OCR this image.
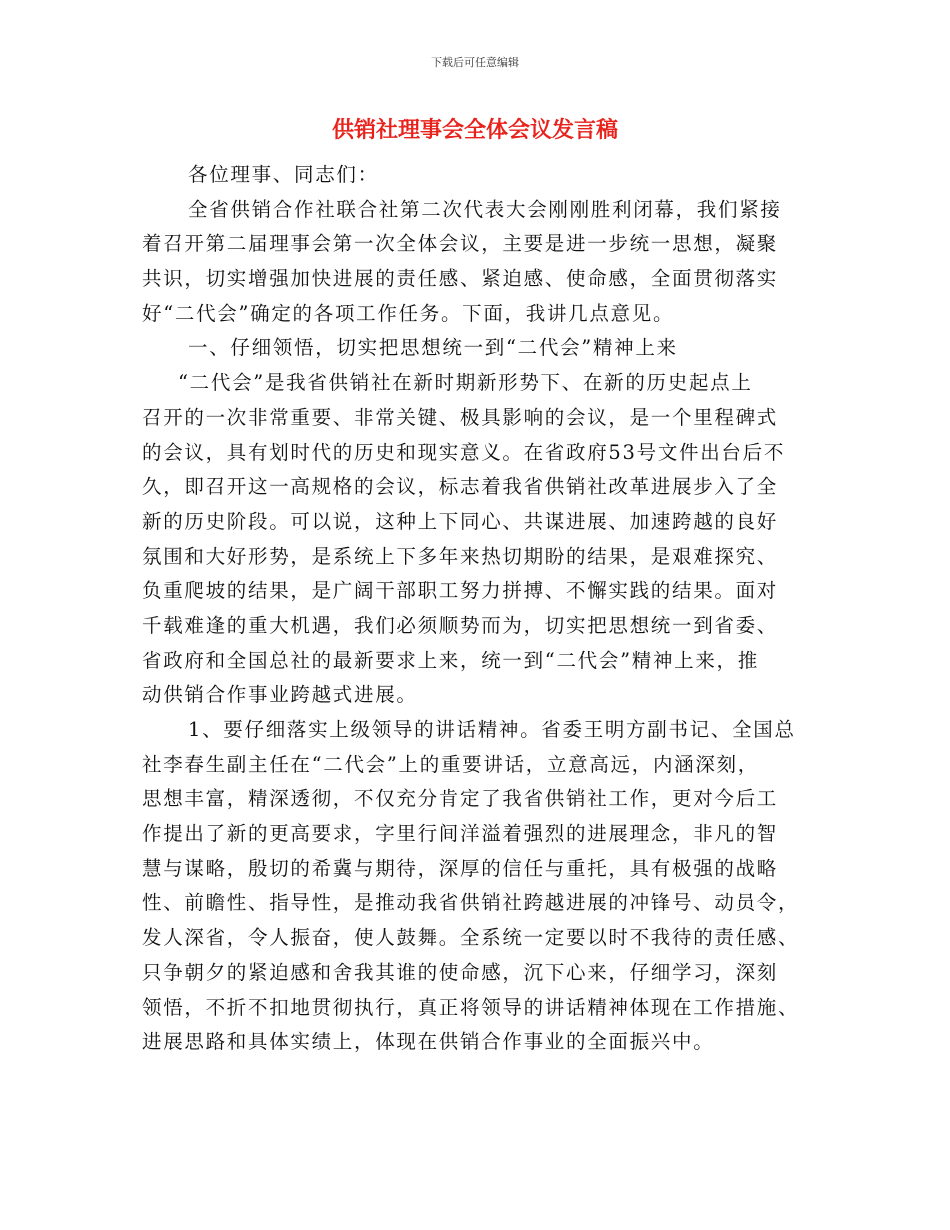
下载后可任意编辑
供销社理事会全体会议发言稿
各位理事、同志们：
全省供销合作社联合社第二次代表大会刚刚胜利闭幕，我们紧接
着召开第二届理事会第一次全体会议，主要是进一步统一思想，凝聚
共识，切实增强加快进展的责任感、紧迫感、使命感，全面贯彻落实
好“二代会”确定的各项工作任务。下面，我讲几点意见。
一、仔细领悟，切实把思想统一到“二代会”精神上来
“二代会”是我省供销社在新时期新形势下、在新的历史起点上
召开的一次非常重要、非常关键、极具影响的会议，是一个里程碑式
的会议，具有划时代的历史和现实意义。在省政府53号文件出台后不
久，即召开这一高规格的会议，标志着我省供销社改革进展步入了全
新的历史阶段。可以说，这种上下同心、共谋进展、加速跨越的良好
氛围和大好形势，是系统上下多年来热切期盼的结果，是艰难探究、
负重爬坡的结果，是广阔干部职工努力拼搏、不懈实践的结果。面对
千载难逢的重大机遇，我们必须顺势而为，切实把思想统一到省委、
省政府和全国总社的最新要求上来，统一到“二代会”精神上来，推
动供销合作事业跨越式进展。
1、要仔细落实上级领导的讲话精神。省委王明方副书记、全国总
社李春生副主任在“二代会”上的重要讲话，立意高远，内涵深刻，
思想丰富，精深透彻，不仅充分肯定了我省供销社工作，更对今后工
作提出了新的更高要求，字里行间洋溢着强烈的进展理念，非凡的智
慧与谋略，殷切的希冀与期待，深厚的信任与重托，具有极强的战略
性、前瞻性、指导性，是推动我省供销社跨越进展的冲锋号、动员令，
发人深省，令人振奋，使人鼓舞。全系统一定要以时不我待的责任感、
只争朝夕的紧迫感和舍我其谁的使命感，沉下心来，仔细学习，深刻
领悟，不折不扣地贯彻执行，真正将领导的讲话精神体现在工作措施、
进展思路和具体实绩上，体现在供销合作事业的全面振兴中。
